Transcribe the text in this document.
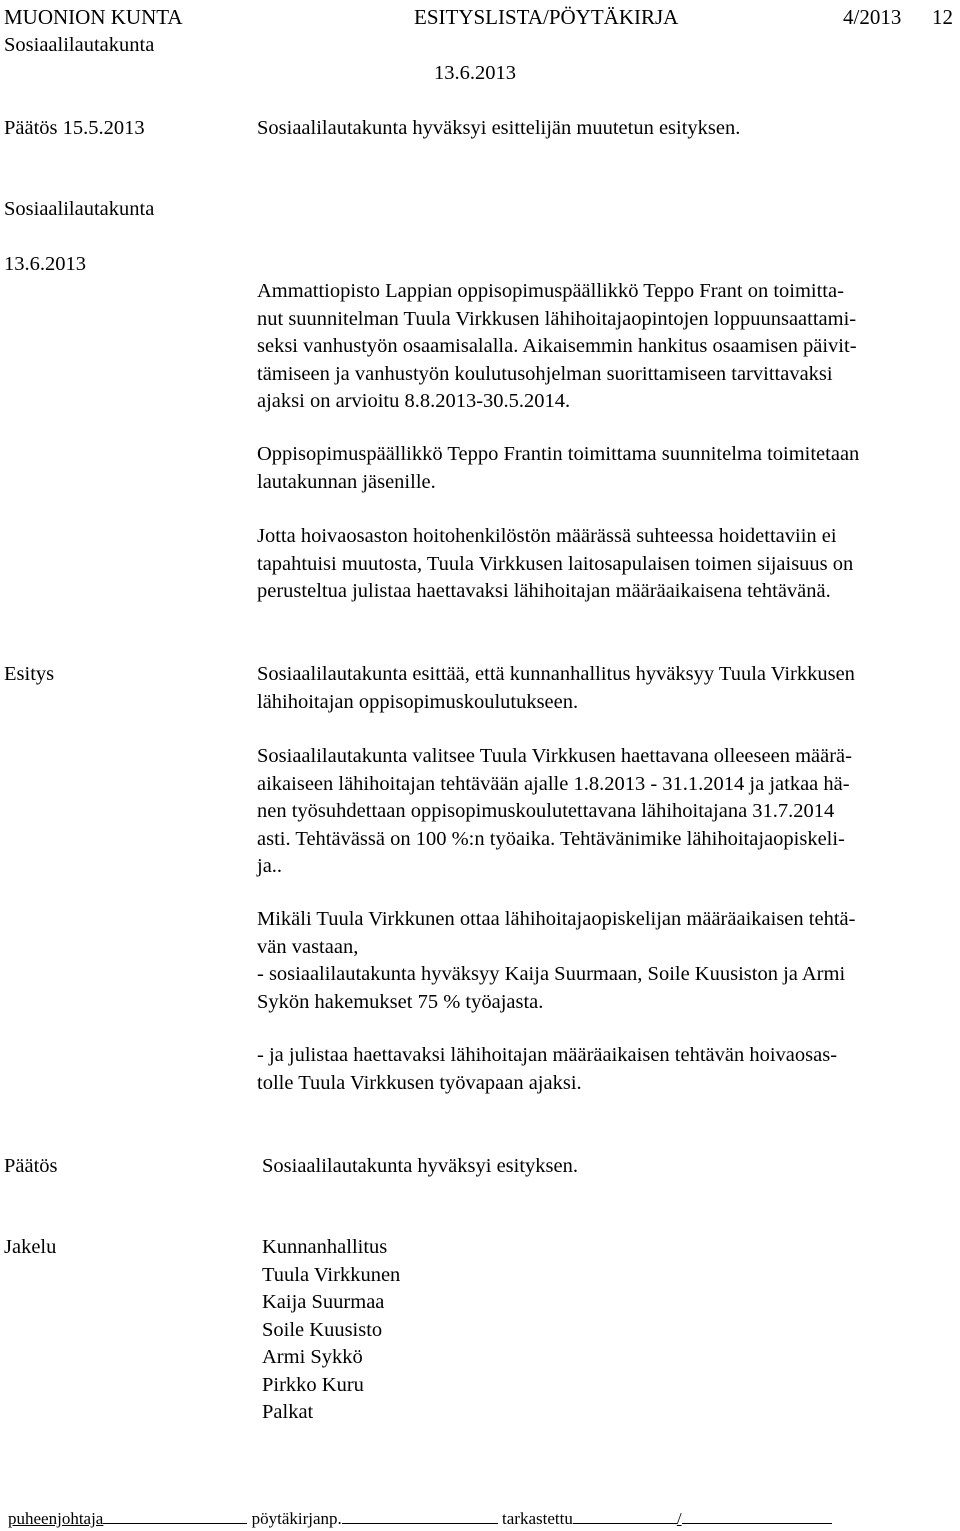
MUONION KUNTA	ESITYSLISTA/PÖYTÄKIRJA	4/2013 12
Sosiaalilautakunta
13.6.2013
Päätös 15.5.2013	Sosiaalilautakunta hyväksyi esittelijän muutetun esityksen.
Sosiaalilautakunta
13.6.2013
Ammattiopisto Lappian oppisopimuspäällikkö Teppo Frant on toimitta-
nut suunnitelman Tuula Virkkusen lähihoitajaopintojen loppuunsaattami-
seksi vanhustyön osaamisalalla. Aikaisemmin hankitus osaamisen päivit-
tämiseen ja vanhustyön koulutusohjelman suorittamiseen tarvittavaksi
ajaksi on arvioitu 8.8.2013-30.5.2014.
Oppisopimuspäällikkö Teppo Frantin toimittama suunnitelma toimitetaan
lautakunnan jäsenille.
Jotta hoivaosaston hoitohenkilöstön määrässä suhteessa hoidettaviin ei
tapahtuisi muutosta, Tuula Virkkusen laitosapulaisen toimen sijaisuus on
perusteltua julistaa haettavaksi lähihoitajan määräaikaisena tehtävänä.
Esitys	Sosiaalilautakunta esittää, että kunnanhallitus hyväksyy Tuula Virkkusen
lähihoitajan oppisopimuskoulutukseen.
Sosiaalilautakunta valitsee Tuula Virkkusen haettavana olleeseen määrä-
aikaiseen lähihoitajan tehtävään ajalle 1.8.2013 - 31.1.2014 ja jatkaa hä-
nen työsuhdettaan oppisopimuskoulutettavana lähihoitajana 31.7.2014
asti. Tehtävässä on 100 %:n työaika. Tehtävänimike lähihoitajaopiskeli-
ja..
Mikäli Tuula Virkkunen ottaa lähihoitajaopiskelijan määräaikaisen tehtä-
vän vastaan,
- sosiaalilautakunta hyväksyy Kaija Suurmaan, Soile Kuusiston ja Armi
Sykön hakemukset 75 % työajasta.
- ja julistaa haettavaksi lähihoitajan määräaikaisen tehtävän hoivaosas-
tolle Tuula Virkkusen työvapaan ajaksi.
Päätös	Sosiaalilautakunta hyväksyi esityksen.
Jakelu	Kunnanhallitus
Tuula Virkkunen
Kaija Suurmaa
Soile Kuusisto
Armi Sykkö
Pirkko Kuru
Palkat
puheenjohtaja	pöytäkirjanp.	tarkastettu	/
